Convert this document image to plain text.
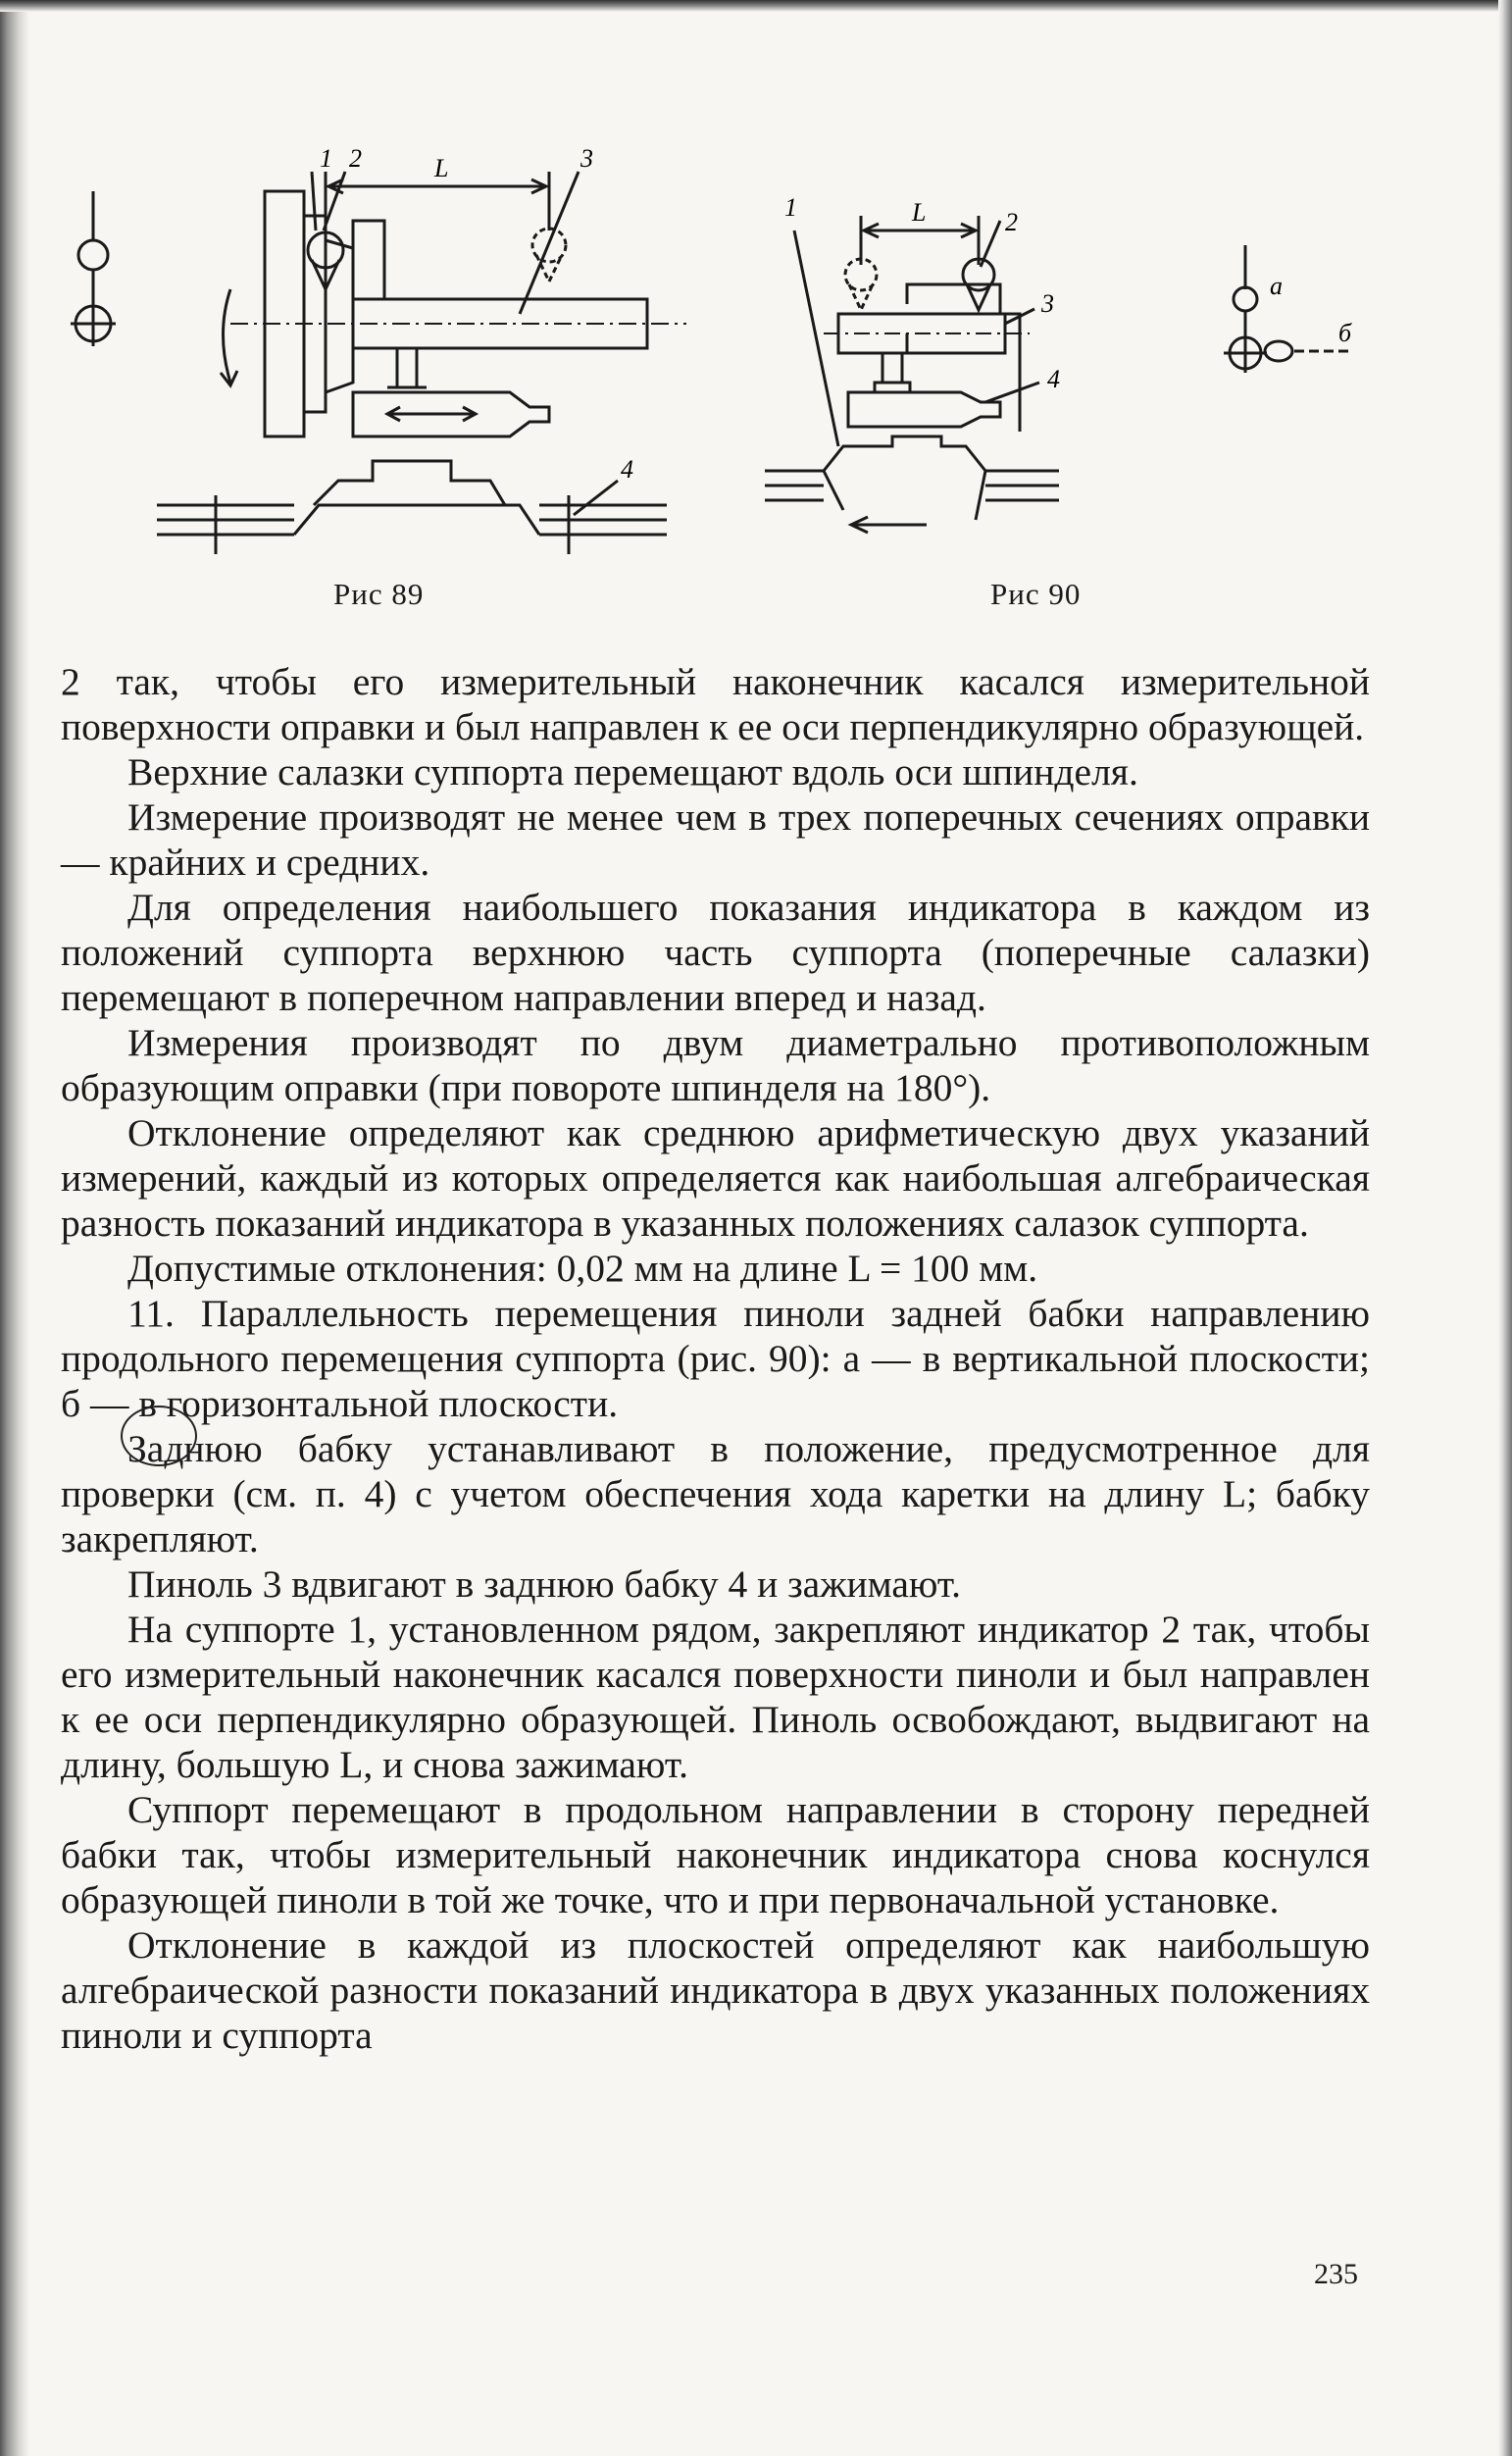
1 2	L	3
4
1	L	2
3
4
а
б
Рис 89	Рис 90

2 так, чтобы его измерительный наконечник касался измерительной поверхности оправки и был направлен к ее оси перпендикулярно образующей.

Верхние салазки суппорта перемещают вдоль оси шпинделя.

Измерение производят не менее чем в трех поперечных сечениях оправки — крайних и средних.

Для определения наибольшего показания индикатора в каждом из положений суппорта верхнюю часть суппорта (поперечные салазки) перемещают в поперечном направлении вперед и назад.

Измерения производят по двум диаметрально противоположным образующим оправки (при повороте шпинделя на 180°).

Отклонение определяют как среднюю арифметическую двух указаний измерений, каждый из которых определяется как наибольшая алгебраическая разность показаний индикатора в указанных положениях салазок суппорта.

Допустимые отклонения: 0,02 мм на длине L = 100 мм.

11. Параллельность перемещения пиноли задней бабки направлению продольного перемещения суппорта (рис. 90): а — в вертикальной плоскости; б — в горизонтальной плоскости.

Заднюю бабку устанавливают в положение, предусмотренное для проверки (см. п. 4) с учетом обеспечения хода каретки на длину L; бабку закрепляют.

Пиноль 3 вдвигают в заднюю бабку 4 и зажимают.

На суппорте 1, установленном рядом, закрепляют индикатор 2 так, чтобы его измерительный наконечник касался поверхности пиноли и был направлен к ее оси перпендикулярно образующей. Пиноль освобождают, выдвигают на длину, большую L, и снова зажимают.

Суппорт перемещают в продольном направлении в сторону передней бабки так, чтобы измерительный наконечник индикатора снова коснулся образующей пиноли в той же точке, что и при первоначальной установке.

Отклонение в каждой из плоскостей определяют как наибольшую алгебраической разности показаний индикатора в двух указанных положениях пиноли и суппорта

235
